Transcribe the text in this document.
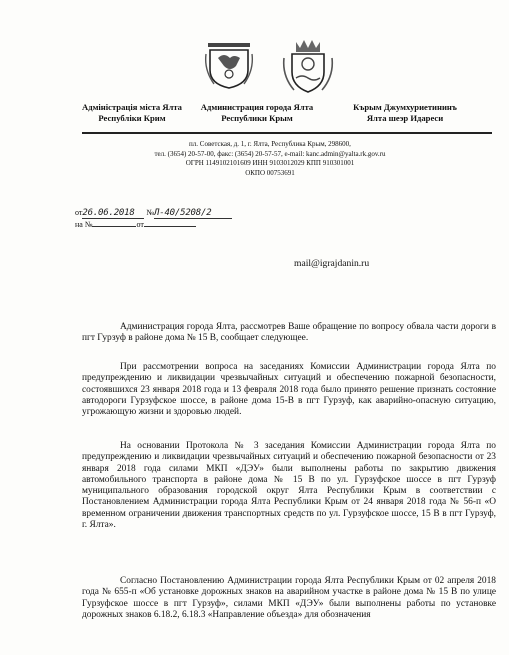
Адміністрація міста Ялта
Республіки Крим
Администрация города Ялта
Республики Крым
Кърым Джумхуриетининъ
Ялта шеэр Идареси
пл. Советская, д. 1, г. Ялта, Республика Крым, 298600,
тел. (3654) 20-57-00, факс: (3654) 20-57-57, e-mail: kanc.admin@yalta.rk.gov.ru
ОГРН 1149102101609 ИНН 9103012029 КПП 910301001
ОКПО 00753691
от26.06.2018 №Л-40/5208/2
на №	от
mail@igrajdanin.ru

Администрация города Ялта, рассмотрев Ваше обращение по вопросу обвала части дороги в пгт Гурзуф в районе дома № 15 В, сообщает следующее.

При рассмотрении вопроса на заседаниях Комиссии Администрации города Ялта по предупреждению и ликвидации чрезвычайных ситуаций и обеспечению пожарной безопасности, состоявшихся 23 января 2018 года и 13 февраля 2018 года было принято решение признать состояние автодороги Гурзуфское шоссе, в районе дома 15-В в пгт Гурзуф, как аварийно-опасную ситуацию, угрожающую жизни и здоровью людей.

На основании Протокола № 3 заседания Комиссии Администрации города Ялта по предупреждению и ликвидации чрезвычайных ситуаций и обеспечению пожарной безопасности от 23 января 2018 года силами МКП «ДЭУ» были выполнены работы по закрытию движения автомобильного транспорта в районе дома № 15 В по ул. Гурзуфское шоссе в пгт Гурзуф муниципального образования городской округ Ялта Республики Крым в соответствии с Постановлением Администрации города Ялта Республики Крым от 24 января 2018 года № 56-п «О временном ограничении движения транспортных средств по ул. Гурзуфское шоссе, 15 В в пгт Гурзуф, г. Ялта».

Согласно Постановлению Администрации города Ялта Республики Крым от 02 апреля 2018 года № 655-п «Об установке дорожных знаков на аварийном участке в районе дома № 15 В по улице Гурзуфское шоссе в пгт Гурзуф», силами МКП «ДЭУ» были выполнены работы по установке дорожных знаков 6.18.2, 6.18.3 «Направление объезда» для обозначения
